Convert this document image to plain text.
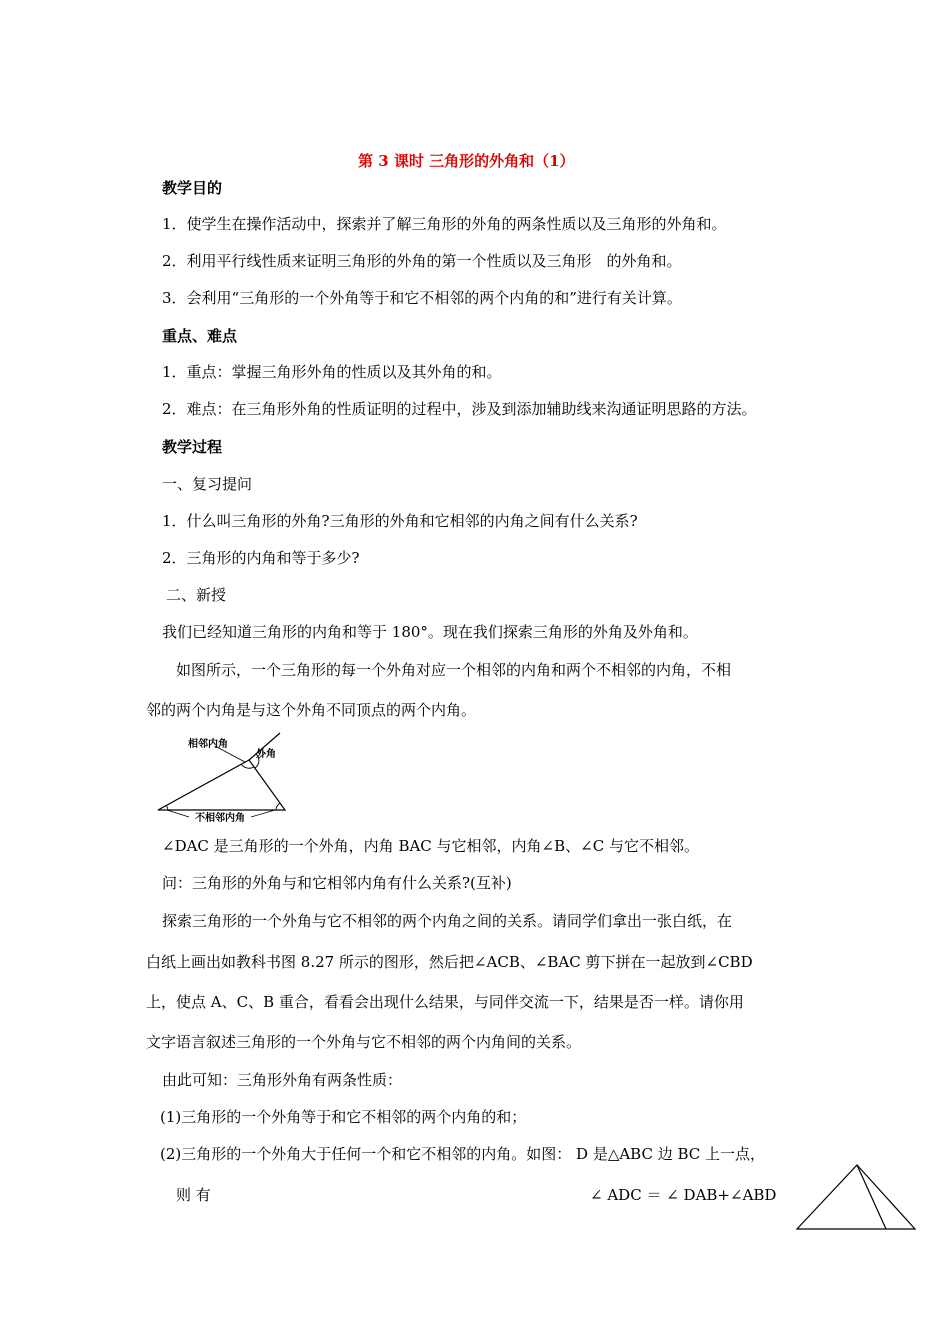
第 3 课时 三角形的外角和（1）
教学目的
1．使学生在操作活动中，探索并了解三角形的外角的两条性质以及三角形的外角和。
2．利用平行线性质来证明三角形的外角的第一个性质以及三角形　的外角和。
3．会利用“三角形的一个外角等于和它不相邻的两个内角的和”进行有关计算。
重点、难点
1．重点：掌握三角形外角的性质以及其外角的和。
2．难点：在三角形外角的性质证明的过程中，涉及到添加辅助线来沟通证明思路的方法。
教学过程
一、复习提问
1．什么叫三角形的外角?三角形的外角和它相邻的内角之间有什么关系?
2．三角形的内角和等于多少?
二、新授
我们已经知道三角形的内角和等于 180°。现在我们探索三角形的外角及外角和。
如图所示，一个三角形的每一个外角对应一个相邻的内角和两个不相邻的内角，不相
邻的两个内角是与这个外角不同顶点的两个内角。
相邻内角
外角
不相邻内角
∠DAC 是三角形的一个外角，内角 BAC 与它相邻，内角∠B、∠C 与它不相邻。
问：三角形的外角与和它相邻内角有什么关系?(互补)
探索三角形的一个外角与它不相邻的两个内角之间的关系。请同学们拿出一张白纸，在
白纸上画出如教科书图 8.27 所示的图形，然后把∠ACB、∠BAC 剪下拼在一起放到∠CBD
上，使点 A、C、B 重合，看看会出现什么结果，与同伴交流一下，结果是否一样。请你用
文字语言叙述三角形的一个外角与它不相邻的两个内角间的关系。
由此可知：三角形外角有两条性质：
(1)三角形的一个外角等于和它不相邻的两个内角的和；
(2)三角形的一个外角大于任何一个和它不相邻的内角。如图： D 是△ABC 边 BC 上一点，
则 有	∠ ADC ＝ ∠ DAB+∠ABD
